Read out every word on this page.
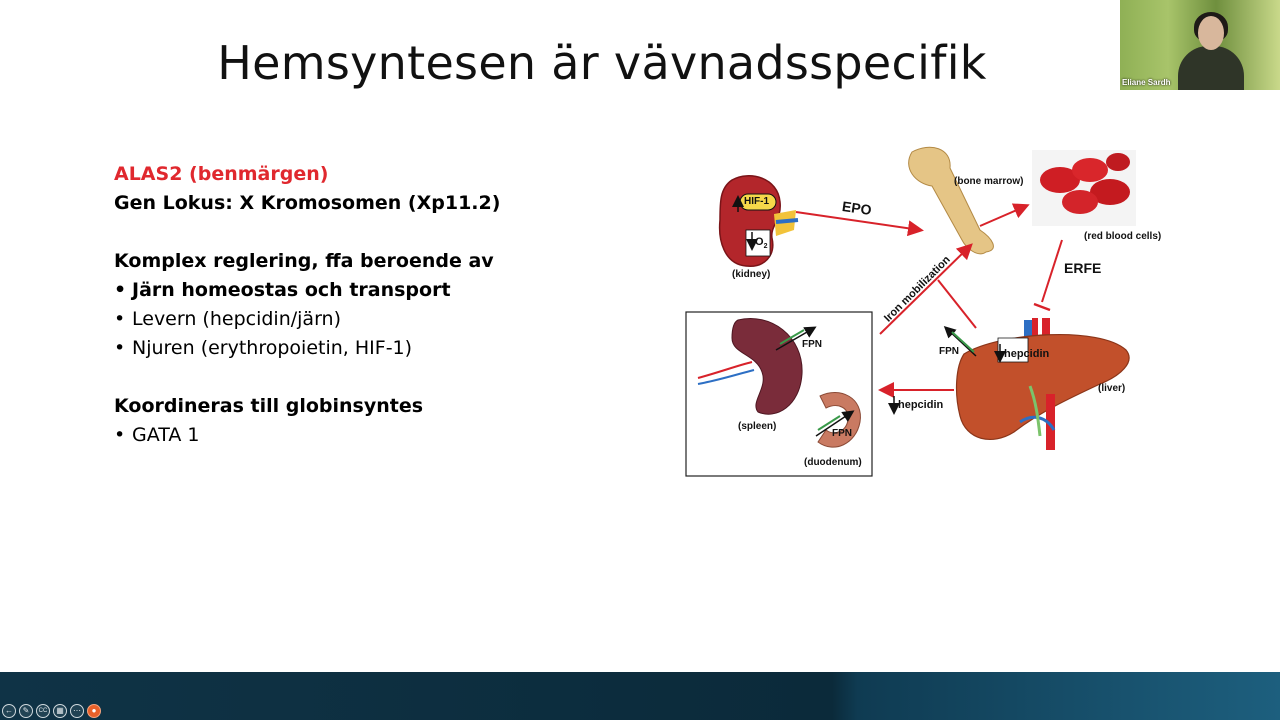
Hemsyntesen är vävnadsspecifik
ALAS2 (benmärgen)
Gen Lokus: X Kromosomen (Xp11.2)
Komplex reglering, ffa beroende av
• Järn homeostas och transport
• Levern (hepcidin/järn)
• Njuren (erythropoietin, HIF-1)
Koordineras till globinsyntes
• GATA 1
HIF-1
$O_2$
(kidney)
EPO
(bone marrow)
(red blood cells)
ERFE
Iron mobilization
FPN
(spleen)
FPN
(duodenum)
FPN	hepcidin
hepcidin
(liver)
Eliane Sardh
←	✎	CC	▦	⋯	●
